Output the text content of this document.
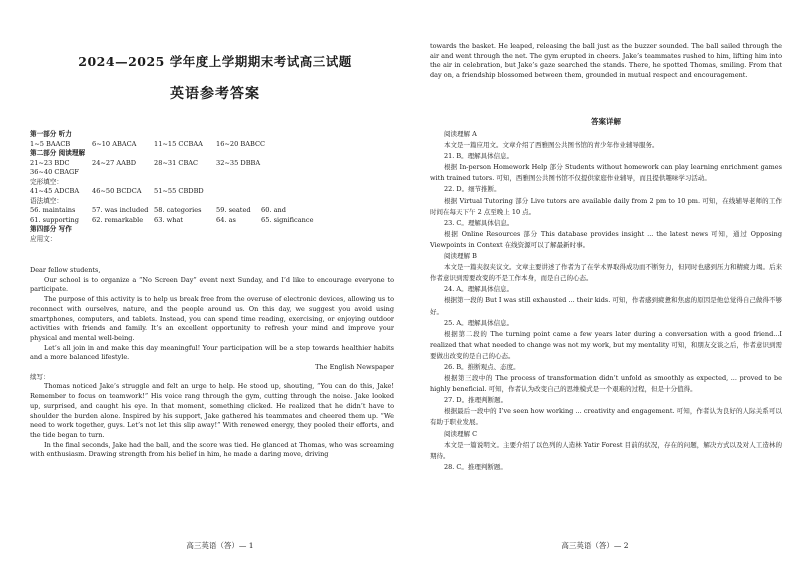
2024—2025 学年度上学期期末考试高三试题
英语参考答案
第一部分 听力
1~5 BAACB	6~10 ABACA	11~15 CCBAA	16~20 BABCC
第二部分 阅读理解
21~23 BDC	24~27 AABD	28~31 CBAC	32~35 DBBA
36~40 CBAGF
完形填空：
41~45 ADCBA	46~50 BCDCA	51~55 CBDBD
语法填空：
56. maintains	57. was included 58. categories	59. seated	60. and
61. supporting	62. remarkable	63. what	64. as	65. significance
第四部分 写作
应用文：
Dear fellow students,
Our school is to organize a “No Screen Day” event next Sunday, and I’d like to encourage everyone to participate.
The purpose of this activity is to help us break free from the overuse of electronic devices, allowing us to reconnect with ourselves, nature, and the people around us. On this day, we suggest you avoid using smartphones, computers, and tablets. Instead, you can spend time reading, exercising, or enjoying outdoor activities with friends and family. It’s an excellent opportunity to refresh your mind and improve your physical and mental well-being.
Let’s all join in and make this day meaningful! Your participation will be a step towards healthier habits and a more balanced lifestyle.
The English Newspaper
续写：
Thomas noticed Jake’s struggle and felt an urge to help. He stood up, shouting, “You can do this, Jake! Remember to focus on teamwork!” His voice rang through the gym, cutting through the noise. Jake looked up, surprised, and caught his eye. In that moment, something clicked. He realized that he didn’t have to shoulder the burden alone. Inspired by his support, Jake gathered his teammates and cheered them up. “We need to work together, guys. Let’s not let this slip away!” With renewed energy, they pooled their efforts, and the tide began to turn.
In the final seconds, Jake had the ball, and the score was tied. He glanced at Thomas, who was screaming with enthusiasm. Drawing strength from his belief in him, he made a daring move, driving
towards the basket. He leaped, releasing the ball just as the buzzer sounded. The ball sailed through the air and went through the net. The gym erupted in cheers. Jake’s teammates rushed to him, lifting him into the air in celebration, but Jake’s gaze searched the stands. There, he spotted Thomas, smiling. From that day on, a friendship blossomed between them, grounded in mutual respect and encouragement.
答案详解
阅读理解 A
本文是一篇应用文。文章介绍了西雅图公共图书馆的青少年作业辅导服务。
21. B。理解具体信息。
根据 In-person Homework Help 部分 Students without homework can play learning enrichment games with trained tutors. 可知，西雅图公共图书馆不仅提供家庭作业辅导，而且提供趣味学习活动。
22. D。细节推断。
根据 Virtual Tutoring 部分 Live tutors are available daily from 2 pm to 10 pm. 可知，在线辅导老师的工作时间在每天下午 2 点至晚上 10 点。
23. C。理解具体信息。
根据 Online Resources 部分 This database provides insight ... the latest news 可知，通过 Opposing Viewpoints in Context 在线资源可以了解最新时事。
阅读理解 B
本文是一篇夹叙夹议文。文章主要讲述了作者为了在学术界取得成功而不断努力，但同时也感到压力和精疲力竭。后来作者意识到需要改变的不是工作本身，而是自己的心态。
24. A。理解具体信息。
根据第一段的 But I was still exhausted ... their kids. 可知，作者感到疲惫和焦虑的原因是他总觉得自己做得不够好。
25. A。理解具体信息。
根据第二段的 The turning point came a few years later during a conversation with a good friend...I realized that what needed to change was not my work, but my mentality 可知，和朋友交谈之后，作者意识到需要做出改变的是自己的心态。
26. B。推断观点、态度。
根据第三段中的 The process of transformation didn’t unfold as smoothly as expected, ... proved to be highly beneficial. 可知，作者认为改变自己的思维模式是一个艰难的过程，但是十分值得。
27. D。推理判断题。
根据最后一段中的 I’ve seen how working ... creativity and engagement. 可知，作者认为良好的人际关系可以有助于职业发展。
阅读理解 C
本文是一篇说明文。主要介绍了以色列的人造林 Yatir Forest 目前的状况，存在的问题，解决方式以及对人工造林的期待。
28. C。推理判断题。
高三英语（答）— 1	高三英语（答）— 2
